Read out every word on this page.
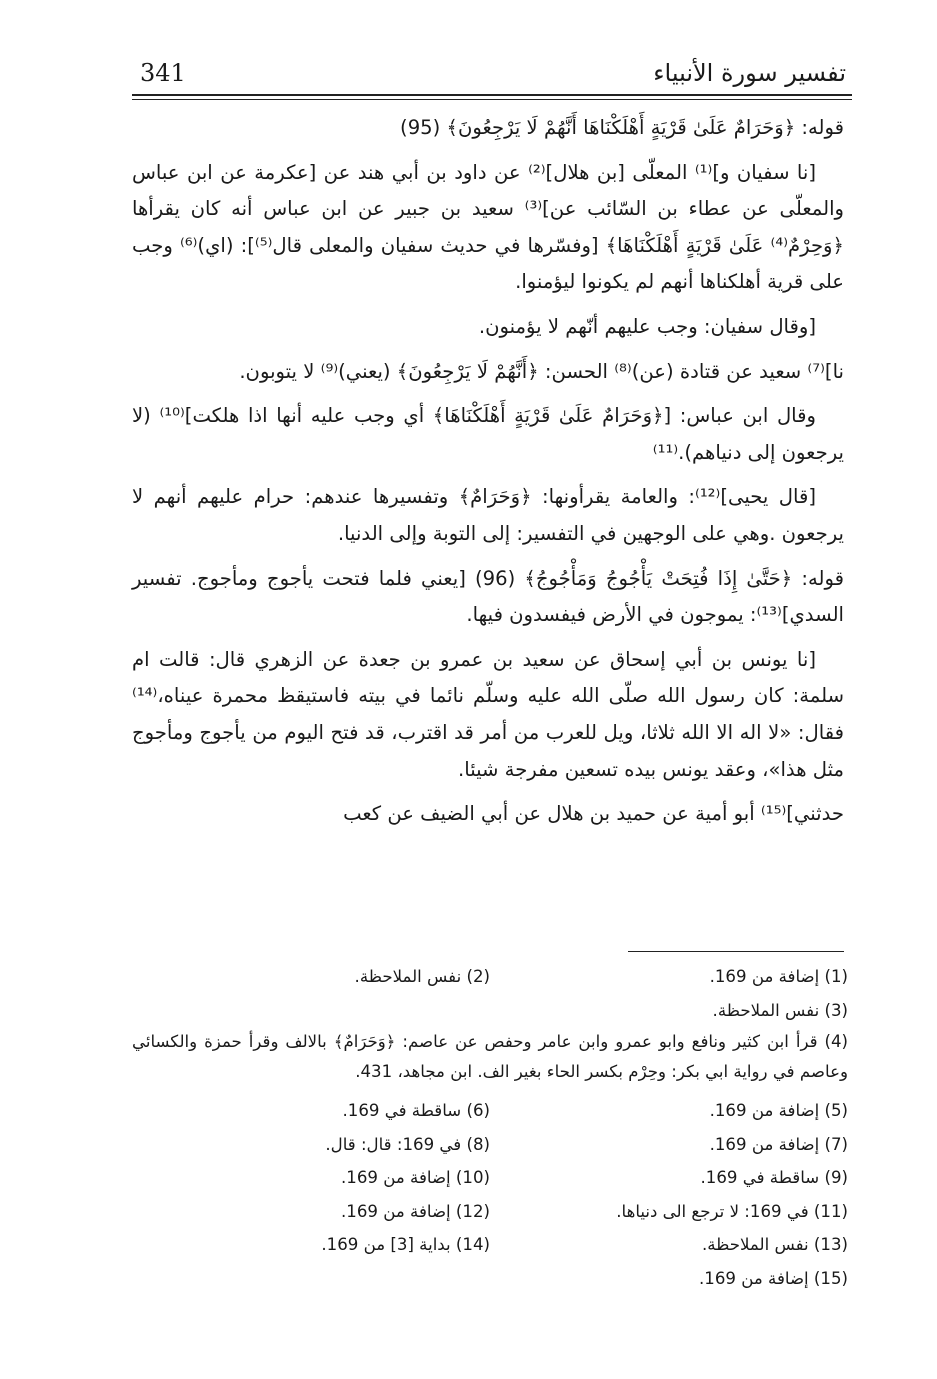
341	تفسير سورة الأنبياء

قوله: ﴿وَحَرَامٌ عَلَىٰ قَرْيَةٍ أَهْلَكْنَاهَا أَنَّهُمْ لَا يَرْجِعُونَ﴾ (95)

[نا سفيان و]⁽¹⁾ المعلّى [بن هلال]⁽²⁾ عن داود بن أبي هند عن [عكرمة عن ابن عباس والمعلّى عن عطاء بن السّائب عن]⁽³⁾ سعيد بن جبير عن ابن عباس أنه كان يقرأها ﴿وَحِرْمٌ⁽⁴⁾ عَلَىٰ قَرْيَةٍ أَهْلَكْنَاهَا﴾ [وفسّرها في حديث سفيان والمعلى قال⁽⁵⁾]: (اي)⁽⁶⁾ وجب على قرية أهلكناها أنهم لم يكونوا ليؤمنوا.

[وقال سفيان: وجب عليهم أنّهم لا يؤمنون.

نا]⁽⁷⁾ سعيد عن قتادة (عن)⁽⁸⁾ الحسن: ﴿أَنَّهُمْ لَا يَرْجِعُونَ﴾ (يعني)⁽⁹⁾ لا يتوبون.

وقال ابن عباس: [﴿وَحَرَامٌ عَلَىٰ قَرْيَةٍ أَهْلَكْنَاهَا﴾ أي وجب عليه أنها اذا هلكت]⁽¹⁰⁾ (لا يرجعون إلى دنياهم).⁽¹¹⁾

[قال يحيى]⁽¹²⁾: والعامة يقرأونها: ﴿وَحَرَامٌ﴾ وتفسيرها عندهم: حرام عليهم أنهم لا يرجعون .وهي على الوجهين في التفسير: إلى التوبة وإلى الدنيا.

قوله: ﴿حَتَّىٰ إِذَا فُتِحَتْ يَأْجُوجُ وَمَأْجُوجُ﴾ (96) [يعني فلما فتحت يأجوج ومأجوج. تفسير السدي]⁽¹³⁾: يموجون في الأرض فيفسدون فيها.

[نا يونس بن أبي إسحاق عن سعيد بن عمرو بن جعدة عن الزهري قال: قالت ام سلمة: كان رسول الله صلّى الله عليه وسلّم نائما في بيته فاستيقظ محمرة عيناه،⁽¹⁴⁾ فقال: «لا اله الا الله ثلاثا، ويل للعرب من أمر قد اقترب، قد فتح اليوم من يأجوج ومأجوج مثل هذا»، وعقد يونس بيده تسعين مفرجة شيئا.

حدثني]⁽¹⁵⁾ أبو أمية عن حميد بن هلال عن أبي الضيف عن كعب

(1) إضافة من 169.
(2) نفس الملاحظة.
(3) نفس الملاحظة.
(4) قرأ ابن كثير ونافع وابو عمرو وابن عامر وحفص عن عاصم: ﴿وَحَرَامٌ﴾ بالالف وقرأ حمزة والكسائي وعاصم في رواية ابي بكر: وحِرْم بكسر الحاء بغير الف. ابن مجاهد، 431.
(5) إضافة من 169.
(6) ساقطة في 169.
(7) إضافة من 169.
(8) في 169: قال: قال.
(9) ساقطة في 169.
(10) إضافة من 169.
(11) في 169: لا ترجع الى دنياها.
(12) إضافة من 169.
(13) نفس الملاحظة.
(14) بداية [3] من 169.
(15) إضافة من 169.
